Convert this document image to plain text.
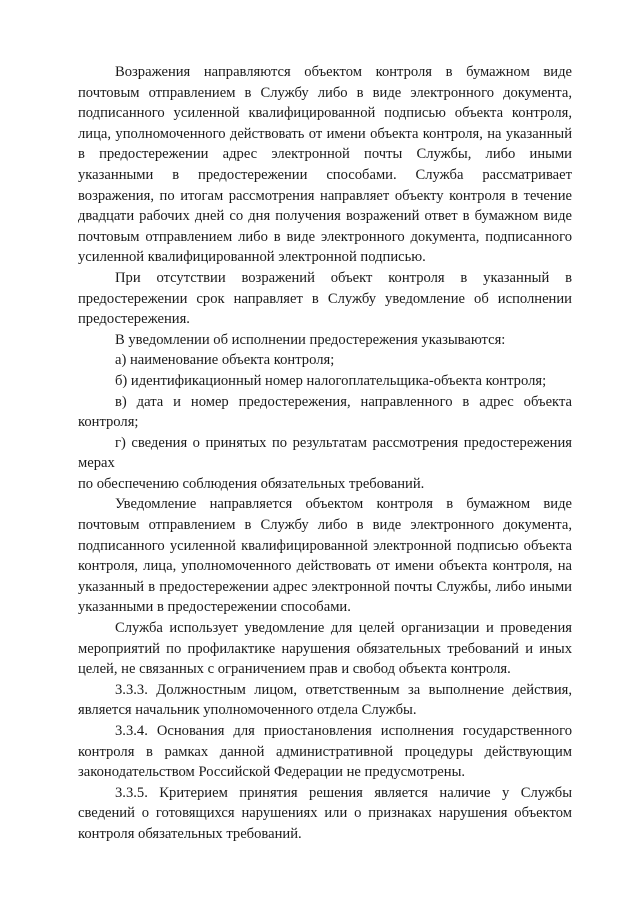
Возражения направляются объектом контроля в бумажном виде почтовым отправлением в Службу либо в виде электронного документа, подписанного усиленной квалифицированной подписью объекта контроля, лица, уполномоченного действовать от имени объекта контроля, на указанный в предостережении адрес электронной почты Службы, либо иными указанными в предостережении способами. Служба рассматривает возражения, по итогам рассмотрения направляет объекту контроля в течение двадцати рабочих дней со дня получения возражений ответ в бумажном виде почтовым отправлением либо в виде электронного документа, подписанного усиленной квалифицированной электронной подписью.

При отсутствии возражений объект контроля в указанный в предостережении срок направляет в Службу уведомление об исполнении предостережения.

В уведомлении об исполнении предостережения указываются:

а) наименование объекта контроля;

б) идентификационный номер налогоплательщика-объекта контроля;

в) дата и номер предостережения, направленного в адрес объекта контроля;

г) сведения о принятых по результатам рассмотрения предостережения мерах

по обеспечению соблюдения обязательных требований.

Уведомление направляется объектом контроля в бумажном виде почтовым отправлением в Службу либо в виде электронного документа, подписанного усиленной квалифицированной электронной подписью объекта контроля, лица, уполномоченного действовать от имени объекта контроля, на указанный в предостережении адрес электронной почты Службы, либо иными указанными в предостережении способами.

Служба использует уведомление для целей организации и проведения мероприятий по профилактике нарушения обязательных требований и иных целей, не связанных с ограничением прав и свобод объекта контроля.

3.3.3. Должностным лицом, ответственным за выполнение действия, является начальник уполномоченного отдела Службы.

3.3.4. Основания для приостановления исполнения государственного контроля в рамках данной административной процедуры действующим законодательством Российской Федерации не предусмотрены.

3.3.5. Критерием принятия решения является наличие у Службы сведений о готовящихся нарушениях или о признаках нарушения объектом контроля обязательных требований.
